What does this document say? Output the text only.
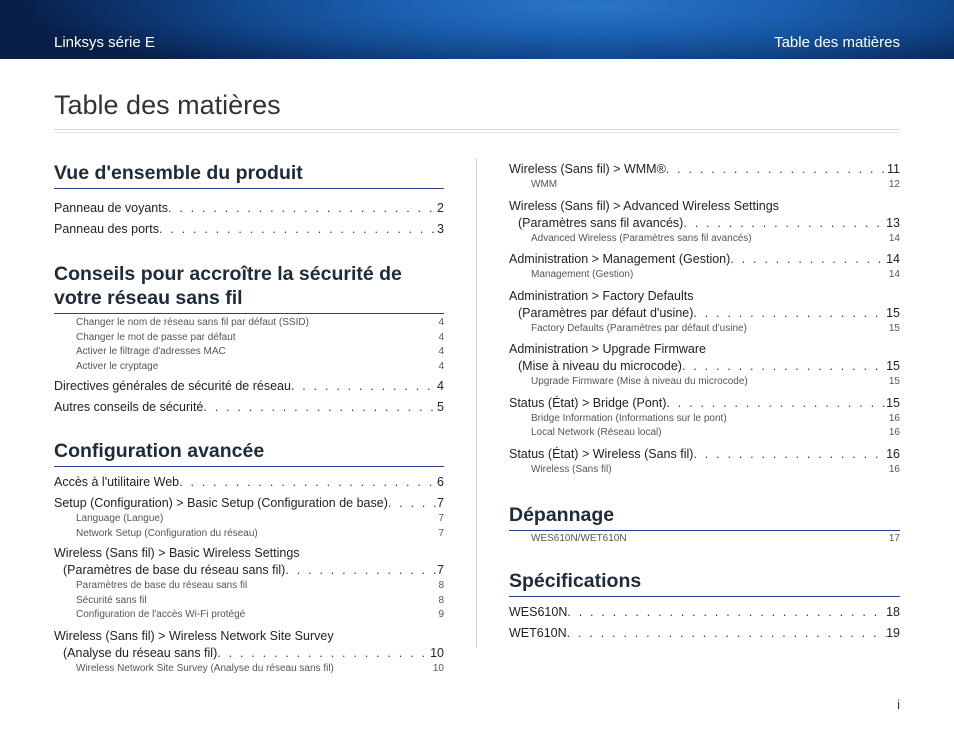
Linksys série E	Table des matières
Table des matières
Vue d'ensemble du produit
Panneau de voyants . . .	2
Panneau des ports . . .	3
Conseils pour accroître la sécurité de
votre réseau sans fil
Changer le nom de réseau sans fil par défaut (SSID)	4
Changer le mot de passe par défaut	4
Activer le filtrage d'adresses MAC	4
Activer le cryptage	4
Directives générales de sécurité de réseau . . .	4
Autres conseils de sécurité . . .	5
Configuration avancée
Accès à l'utilitaire Web . . .	6
Setup (Configuration) > Basic Setup (Configuration de base) . . .	7
Language (Langue)	7
Network Setup (Configuration du réseau)	7
Wireless (Sans fil) > Basic Wireless Settings
(Paramètres de base du réseau sans fil) . . .	7
Paramètres de base du réseau sans fil	8
Sécurité sans fil	8
Configuration de l'accès Wi-Fi protégé	9
Wireless (Sans fil) > Wireless Network Site Survey
(Analyse du réseau sans fil) . . .	10
Wireless Network Site Survey (Analyse du réseau sans fil)	10
Wireless (Sans fil) > WMM® . . .	11
WMM	12
Wireless (Sans fil) > Advanced Wireless Settings
(Paramètres sans fil avancés) . . .	13
Advanced Wireless (Paramètres sans fil avancés)	14
Administration > Management (Gestion) . . .	14
Management (Gestion)	14
Administration > Factory Defaults
(Paramètres par défaut d'usine) . . .	15
Factory Defaults (Paramètres par défaut d'usine)	15
Administration > Upgrade Firmware
(Mise à niveau du microcode) . . .	15
Upgrade Firmware (Mise à niveau du microcode)	15
Status (État) > Bridge (Pont) . . .	15
Bridge Information (Informations sur le pont)	16
Local Network (Réseau local)	16
Status (État) > Wireless (Sans fil) . . .	16
Wireless (Sans fil)	16
Dépannage
WES610N/WET610N	17
Spécifications
WES610N . . .	18
WET610N . . .	19
i
